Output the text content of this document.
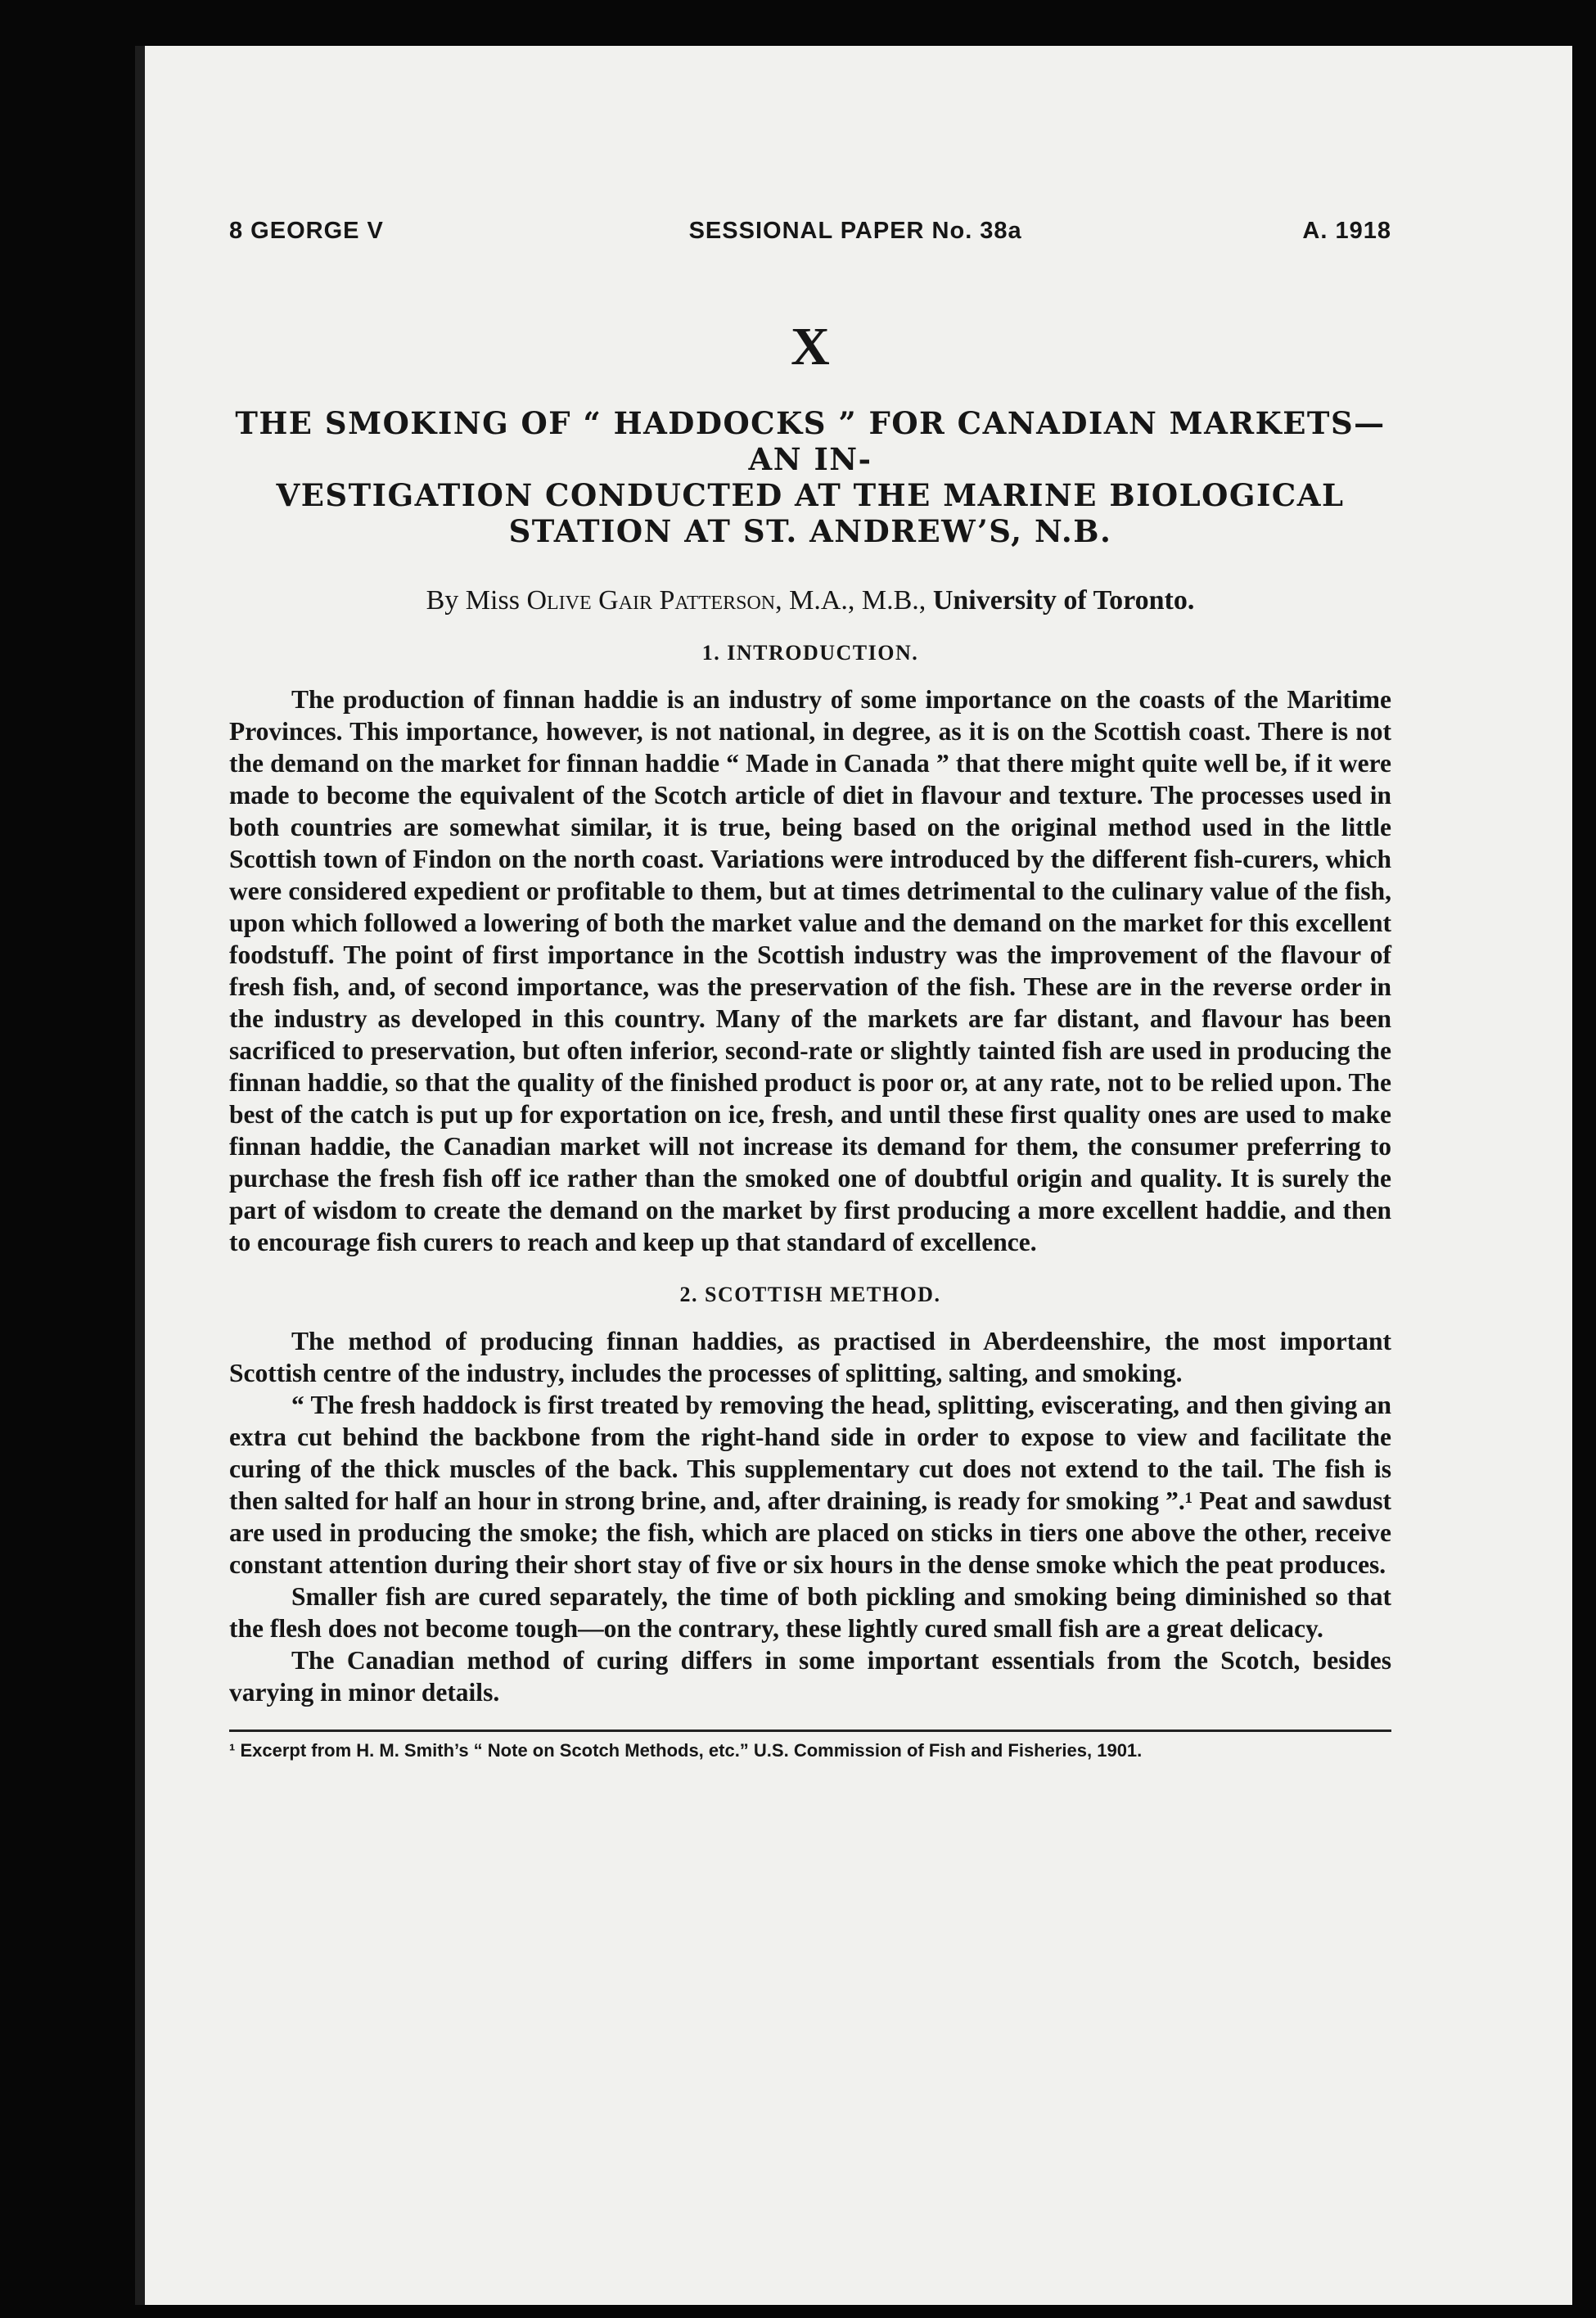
8 GEORGE V	SESSIONAL PAPER No. 38a	A. 1918
X
THE SMOKING OF “ HADDOCKS ” FOR CANADIAN MARKETS—AN IN-
VESTIGATION CONDUCTED AT THE MARINE BIOLOGICAL
STATION AT ST. ANDREW’S, N.B.
By Miss Olive Gair Patterson, M.A., M.B., University of Toronto.
1. INTRODUCTION.

The production of finnan haddie is an industry of some importance on the coasts of the Maritime Provinces. This importance, however, is not national, in degree, as it is on the Scottish coast. There is not the demand on the market for finnan haddie “ Made in Canada ” that there might quite well be, if it were made to become the equivalent of the Scotch article of diet in flavour and texture. The processes used in both countries are somewhat similar, it is true, being based on the original method used in the little Scottish town of Findon on the north coast. Variations were introduced by the different fish-curers, which were considered expedient or profitable to them, but at times detrimental to the culinary value of the fish, upon which followed a lowering of both the market value and the demand on the market for this excellent foodstuff. The point of first importance in the Scottish industry was the improvement of the flavour of fresh fish, and, of second importance, was the preservation of the fish. These are in the reverse order in the industry as developed in this country. Many of the markets are far distant, and flavour has been sacrificed to preservation, but often inferior, second-rate or slightly tainted fish are used in producing the finnan haddie, so that the quality of the finished product is poor or, at any rate, not to be relied upon. The best of the catch is put up for exportation on ice, fresh, and until these first quality ones are used to make finnan haddie, the Canadian market will not increase its demand for them, the consumer preferring to purchase the fresh fish off ice rather than the smoked one of doubtful origin and quality. It is surely the part of wisdom to create the demand on the market by first producing a more excellent haddie, and then to encourage fish curers to reach and keep up that standard of excellence.

2. SCOTTISH METHOD.

The method of producing finnan haddies, as practised in Aberdeenshire, the most important Scottish centre of the industry, includes the processes of splitting, salting, and smoking.

“ The fresh haddock is first treated by removing the head, splitting, eviscerating, and then giving an extra cut behind the backbone from the right-hand side in order to expose to view and facilitate the curing of the thick muscles of the back. This supplementary cut does not extend to the tail. The fish is then salted for half an hour in strong brine, and, after draining, is ready for smoking ”.¹ Peat and sawdust are used in producing the smoke; the fish, which are placed on sticks in tiers one above the other, receive constant attention during their short stay of five or six hours in the dense smoke which the peat produces.

Smaller fish are cured separately, the time of both pickling and smoking being diminished so that the flesh does not become tough—on the contrary, these lightly cured small fish are a great delicacy.

The Canadian method of curing differs in some important essentials from the Scotch, besides varying in minor details.

¹ Excerpt from H. M. Smith’s “ Note on Scotch Methods, etc.” U.S. Commission of Fish and Fisheries, 1901.
